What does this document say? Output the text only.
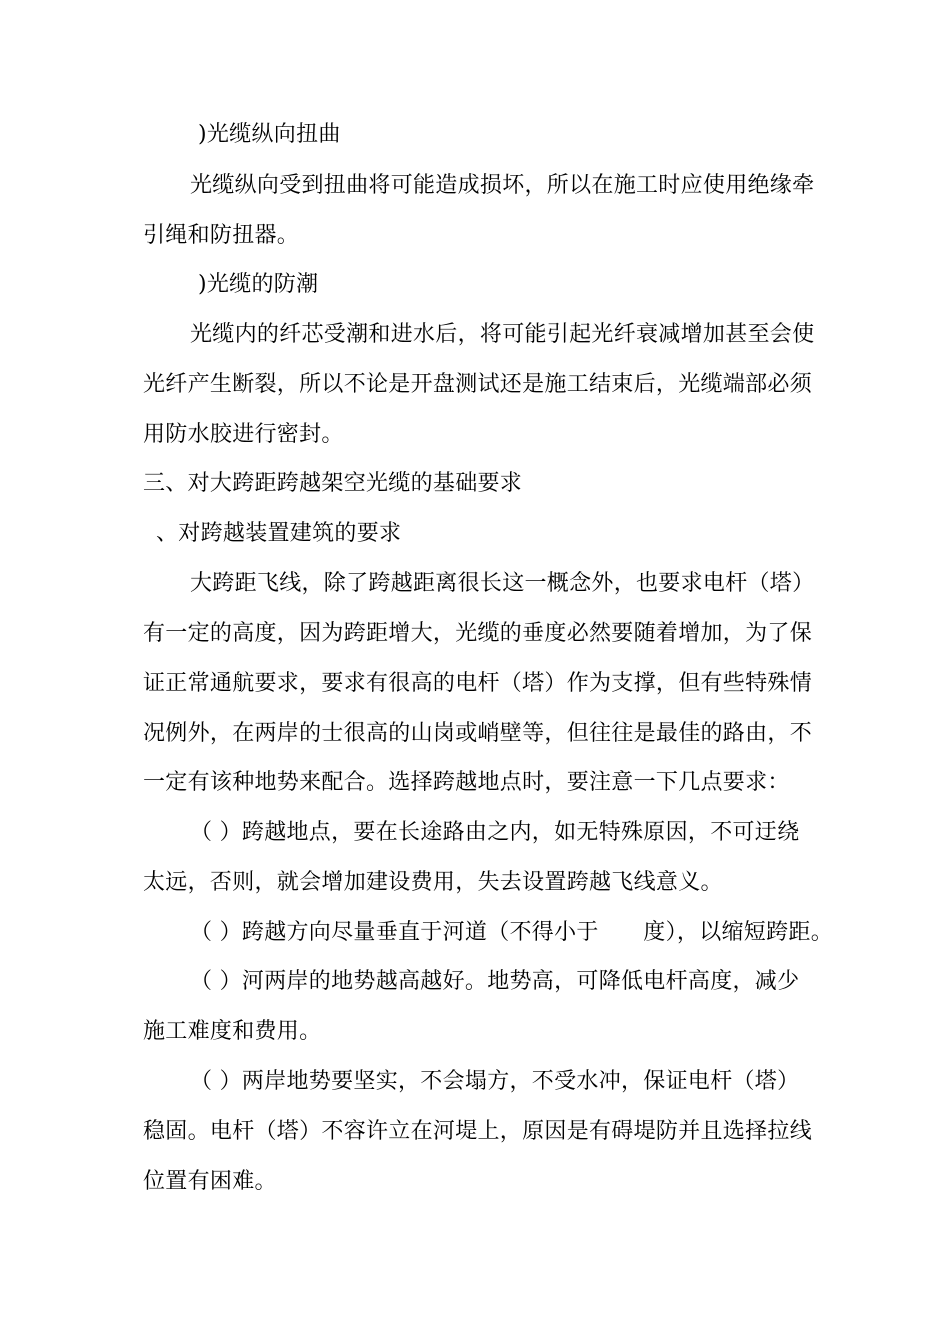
)光缆纵向扭曲
光缆纵向受到扭曲将可能造成损坏，所以在施工时应使用绝缘牵
引绳和防扭器。
)光缆的防潮
光缆内的纤芯受潮和进水后，将可能引起光纤衰减增加甚至会使
光纤产生断裂，所以不论是开盘测试还是施工结束后，光缆端部必须
用防水胶进行密封。
三、对大跨距跨越架空光缆的基础要求
、对跨越装置建筑的要求
大跨距飞线，除了跨越距离很长这一概念外，也要求电杆（塔）
有一定的高度，因为跨距增大，光缆的垂度必然要随着增加，为了保
证正常通航要求，要求有很高的电杆（塔）作为支撑，但有些特殊情
况例外，在两岸的士很高的山岗或峭壁等，但往往是最佳的路由，不
一定有该种地势来配合。选择跨越地点时，要注意一下几点要求：
（ ）跨越地点，要在长途路由之内，如无特殊原因，不可迂绕
太远，否则，就会增加建设费用，失去设置跨越飞线意义。
（ ）跨越方向尽量垂直于河道（不得小于　　度），以缩短跨距。
（ ）河两岸的地势越高越好。地势高，可降低电杆高度，减少
施工难度和费用。
（ ）两岸地势要坚实，不会塌方，不受水冲，保证电杆（塔）
稳固。电杆（塔）不容许立在河堤上，原因是有碍堤防并且选择拉线
位置有困难。
